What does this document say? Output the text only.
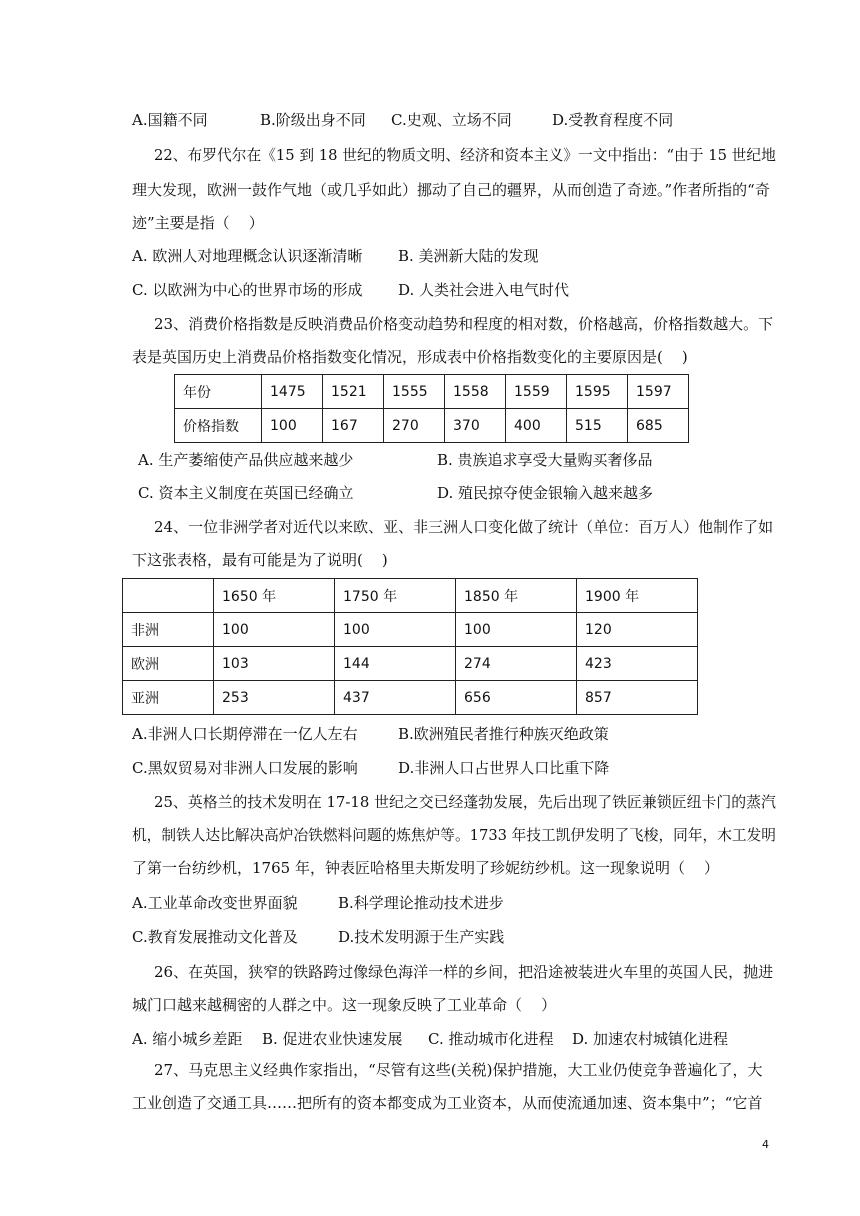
A.国籍不同	B.阶级出身不同 C.史观、立场不同	D.受教育程度不同
22、布罗代尔在《15 到 18 世纪的物质文明、经济和资本主义》一文中指出：“由于 15 世纪地
理大发现，欧洲一鼓作气地（或几乎如此）挪动了自己的疆界，从而创造了奇迹。”作者所指的“奇
迹”主要是指（    ）
A. 欧洲人对地理概念认识逐渐清晰 B. 美洲新大陆的发现
C. 以欧洲为中心的世界市场的形成 D. 人类社会进入电气时代
23、消费价格指数是反映消费品价格变动趋势和程度的相对数，价格越高，价格指数越大。下
表是英国历史上消费品价格指数变化情况，形成表中价格指数变化的主要原因是(    )
年份	1475	1521	1555	1558	1559	1595	1597
价格指数	100	167	270	370	400	515	685
A. 生产萎缩使产品供应越来越少	B. 贵族追求享受大量购买奢侈品
C. 资本主义制度在英国已经确立	D. 殖民掠夺使金银输入越来越多
24、一位非洲学者对近代以来欧、亚、非三洲人口变化做了统计（单位：百万人）他制作了如
下这张表格，最有可能是为了说明(    )
	1650 年	1750 年	1850 年	1900 年
非洲	100	100	100	120
欧洲	103	144	274	423
亚洲	253	437	656	857
A.非洲人口长期停滞在一亿人左右	B.欧洲殖民者推行种族灭绝政策
C.黑奴贸易对非洲人口发展的影响	D.非洲人口占世界人口比重下降
25、英格兰的技术发明在 17-18 世纪之交已经蓬勃发展，先后出现了铁匠兼锁匠纽卡门的蒸汽
机，制铁人达比解决高炉冶铁燃料问题的炼焦炉等。1733 年技工凯伊发明了飞梭，同年，木工发明
了第一台纺纱机，1765 年，钟表匠哈格里夫斯发明了珍妮纺纱机。这一现象说明（    ）
A.工业革命改变世界面貌	B.科学理论推动技术进步
C.教育发展推动文化普及	D.技术发明源于生产实践
26、在英国，狭窄的铁路跨过像绿色海洋一样的乡间，把沿途被装进火车里的英国人民，抛进
城门口越来越稠密的人群之中。这一现象反映了工业革命（    ）
A. 缩小城乡差距 B. 促进农业快速发展 C. 推动城市化进程 D. 加速农村城镇化进程
27、马克思主义经典作家指出，“尽管有这些(关税)保护措施，大工业仍使竞争普遍化了，大
工业创造了交通工具……把所有的资本都变成为工业资本，从而使流通加速、资本集中”；“它首
4
